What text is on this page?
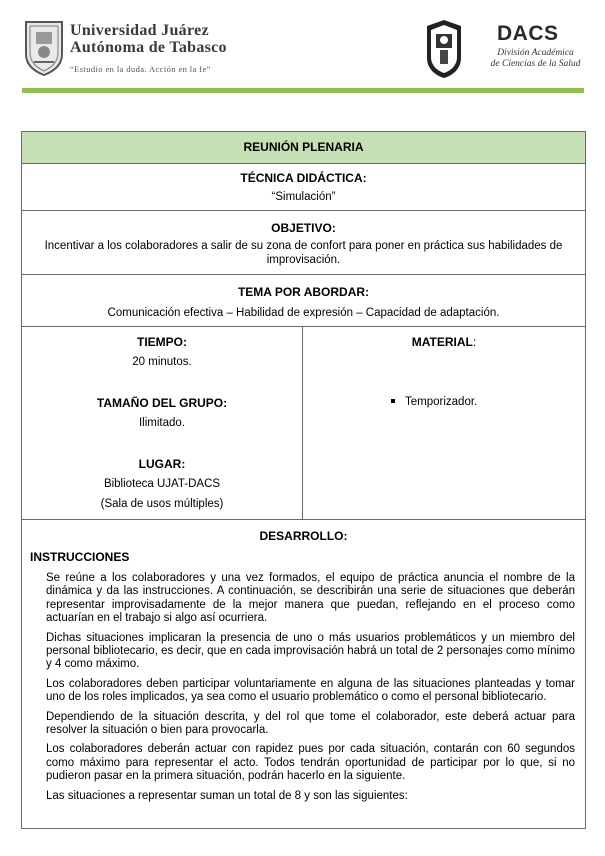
Universidad Juárez
Autónoma de Tabasco
“Estudio en la duda. Acción en la fe”
DACS
División Académica
de Ciencias de la Salud
REUNIÓN PLENARIA

TÉCNICA DIDÁCTICA:
“Simulación”

OBJETIVO:
Incentivar a los colaboradores a salir de su zona de confort para poner en práctica sus habilidades de improvisación.

TEMA POR ABORDAR:
Comunicación efectiva – Habilidad de expresión – Capacidad de adaptación.

TIEMPO:
20 minutos.
TAMAÑO DEL GRUPO:
Ilimitado.
LUGAR:
Biblioteca UJAT-DACS
(Sala de usos múltiples)

MATERIAL:
Temporizador.

DESARROLLO:
INSTRUCCIONES

Se reúne a los colaboradores y una vez formados, el equipo de práctica anuncia el nombre de la dinámica y da las instrucciones. A continuación, se describirán una serie de situaciones que deberán representar improvisadamente de la mejor manera que puedan, reflejando en el proceso como actuarían en el trabajo si algo así ocurriera.

Dichas situaciones implicaran la presencia de uno o más usuarios problemáticos y un miembro del personal bibliotecario, es decir, que en cada improvisación habrá un total de 2 personajes como mínimo y 4 como máximo.

Los colaboradores deben participar voluntariamente en alguna de las situaciones planteadas y tomar uno de los roles implicados, ya sea como el usuario problemático o como el personal bibliotecario.

Dependiendo de la situación descrita, y del rol que tome el colaborador, este deberá actuar para resolver la situación o bien para provocarla.

Los colaboradores deberán actuar con rapidez pues por cada situación, contarán con 60 segundos como máximo para representar el acto. Todos tendrán oportunidad de participar por lo que, si no pudieron pasar en la primera situación, podrán hacerlo en la siguiente.

Las situaciones a representar suman un total de 8 y son las siguientes:
